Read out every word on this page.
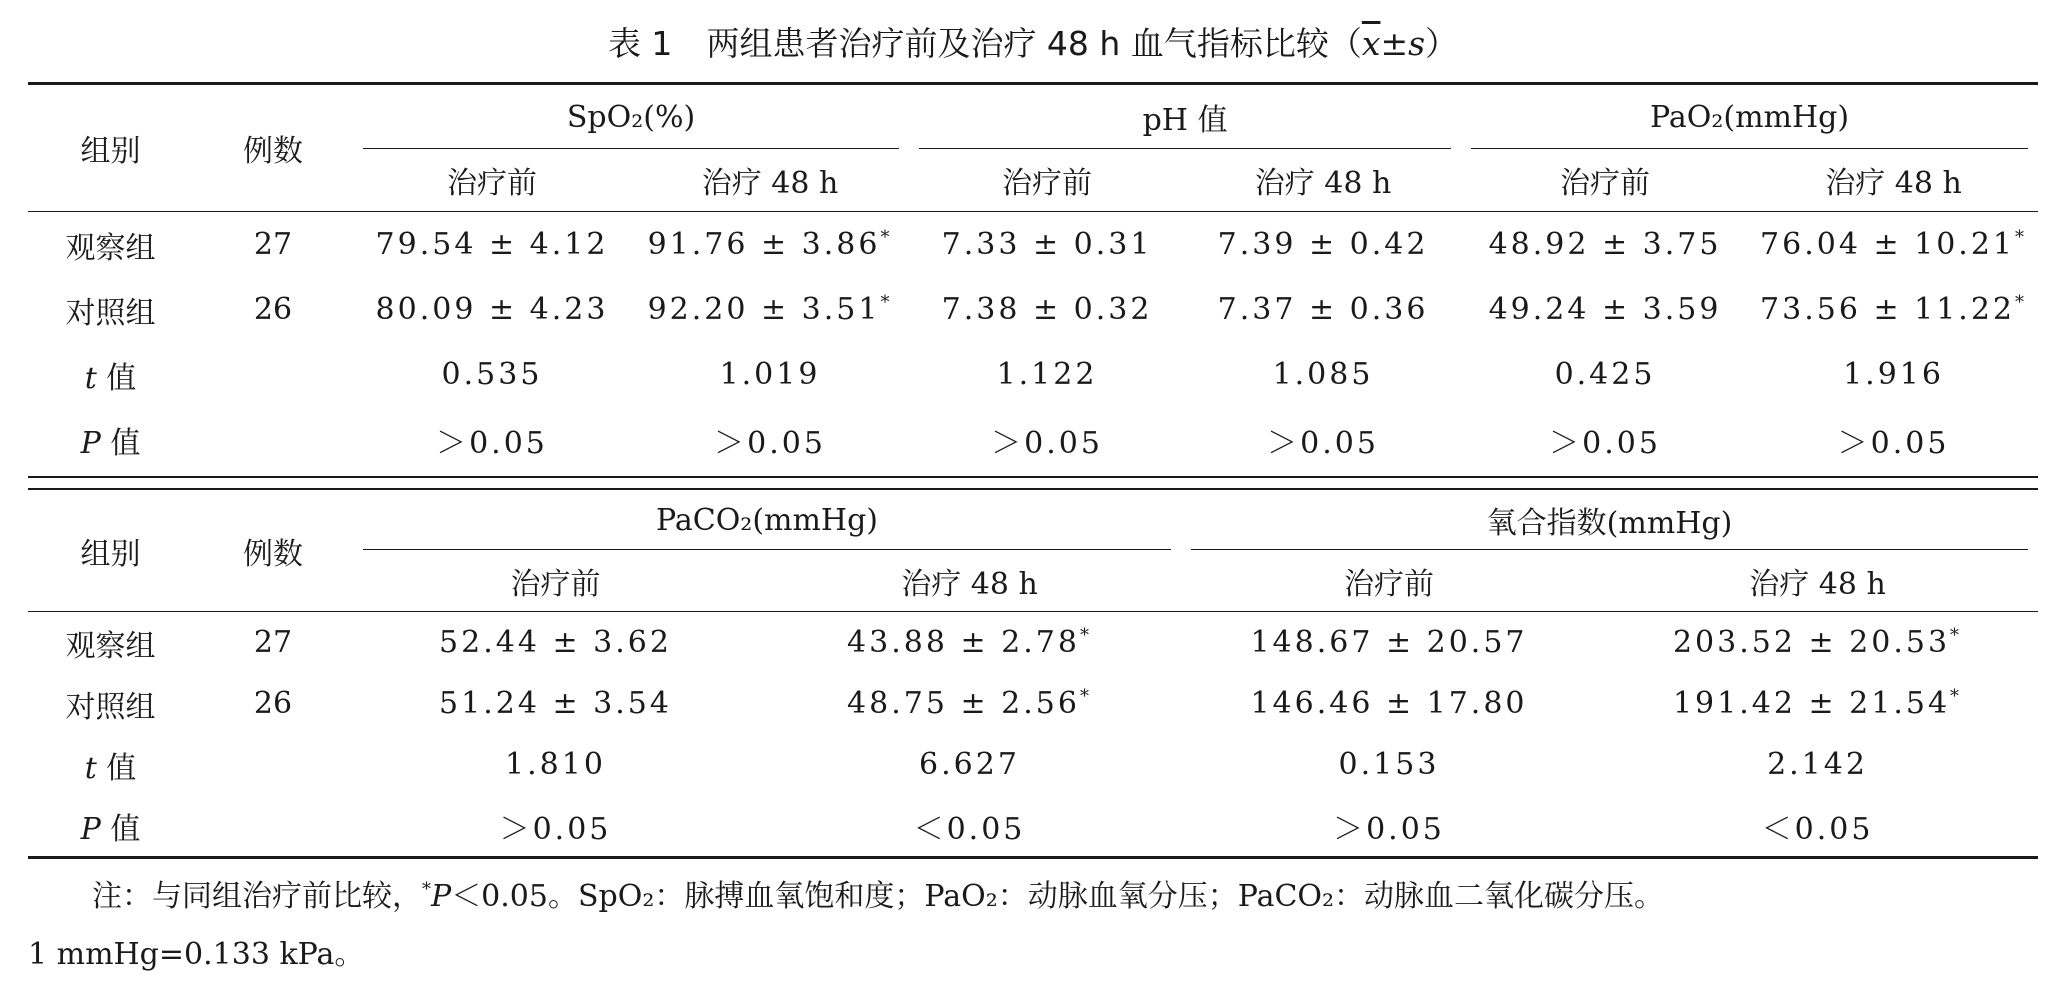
表 1 两组患者治疗前及治疗 48 h 血气指标比较$(\overline{x}\pm s)$
组别	例数	SpO₂(%)		pH 值		PaO₂(mmHg)	
		治疗前	治疗 48 h	治疗前	治疗 48 h	治疗前	治疗 48 h
观察组	27	79.54 ± 4.12	91.76 ± 3.86*	7.33 ± 0.31	7.39 ± 0.42	48.92 ± 3.75	76.04 ± 10.21*
对照组	26	80.09 ± 4.23	92.20 ± 3.51*	7.38 ± 0.32	7.37 ± 0.36	49.24 ± 3.59	73.56 ± 11.22*
t 值		0.535	1.019	1.122	1.085	0.425	1.916
P 值		＞0.05	＞0.05	＞0.05	＞0.05	＞0.05	＞0.05
组别	例数	PaCO₂(mmHg)		氧合指数(mmHg)	
		治疗前	治疗 48 h	治疗前	治疗 48 h
观察组	27	52.44 ± 3.62	43.88 ± 2.78*	148.67 ± 20.57	203.52 ± 20.53*
对照组	26	51.24 ± 3.54	48.75 ± 2.56*	146.46 ± 17.80	191.42 ± 21.54*
t 值		1.810	6.627	0.153	2.142
P 值		＞0.05	＜0.05	＞0.05	＜0.05
注：与同组治疗前比较，*P＜0.05。SpO₂：脉搏血氧饱和度；PaO₂：动脉血氧分压；PaCO₂：动脉血二氧化碳分压。
1 mmHg=0.133 kPa。
